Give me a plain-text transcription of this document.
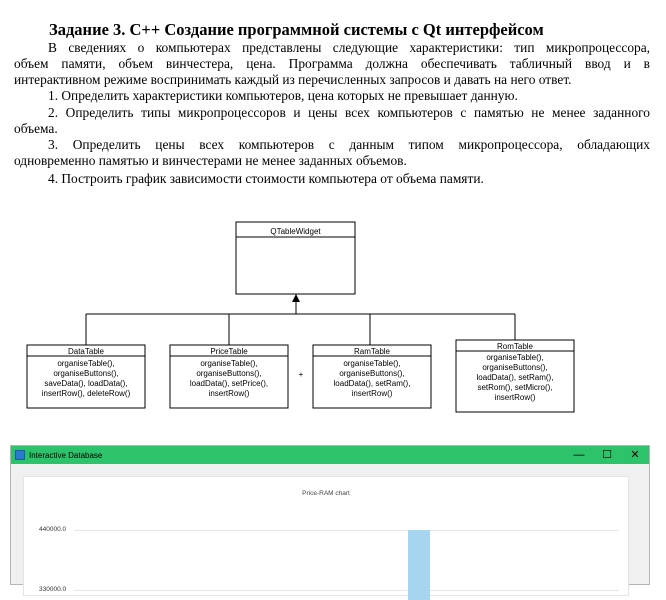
Задание 3. C++ Создание программной системы с Qt интерфейсом
В сведениях о компьютерах представлены следующие характеристики: тип микропроцессора,
объем памяти, объем винчестера, цена. Программа должна обеспечивать табличный ввод и в
интерактивном режиме воспринимать каждый из перечисленных запросов и давать на него ответ.
1. Определить характеристики компьютеров, цена которых не превышает данную.
2. Определить типы микропроцессоров и цены всех компьютеров с памятью не менее заданного
объема.
3. Определить цены всех компьютеров с данным типом микропроцессора, обладающих
одновременно памятью и винчестерами не менее заданных объемов.
4. Построить график зависимости стоимости компьютера от объема памяти.
QTableWidget
DataTable
organiseTable(),
organiseButtons(),
saveData(), loadData(),
insertRow(), deleteRow()
PriceTable
organiseTable(),
organiseButtons(),
loadData(), setPrice(),
insertRow()
+
RamTable
organiseTable(),
organiseButtons(),
loadData(), setRam(),
insertRow()
RomTable
organiseTable(),
organiseButtons(),
loadData(), setRam(),
setRom(), setMicro(),
insertRow()
Interactive Database	—	☐	✕
Price-RAM chart
440000.0
330000.0
